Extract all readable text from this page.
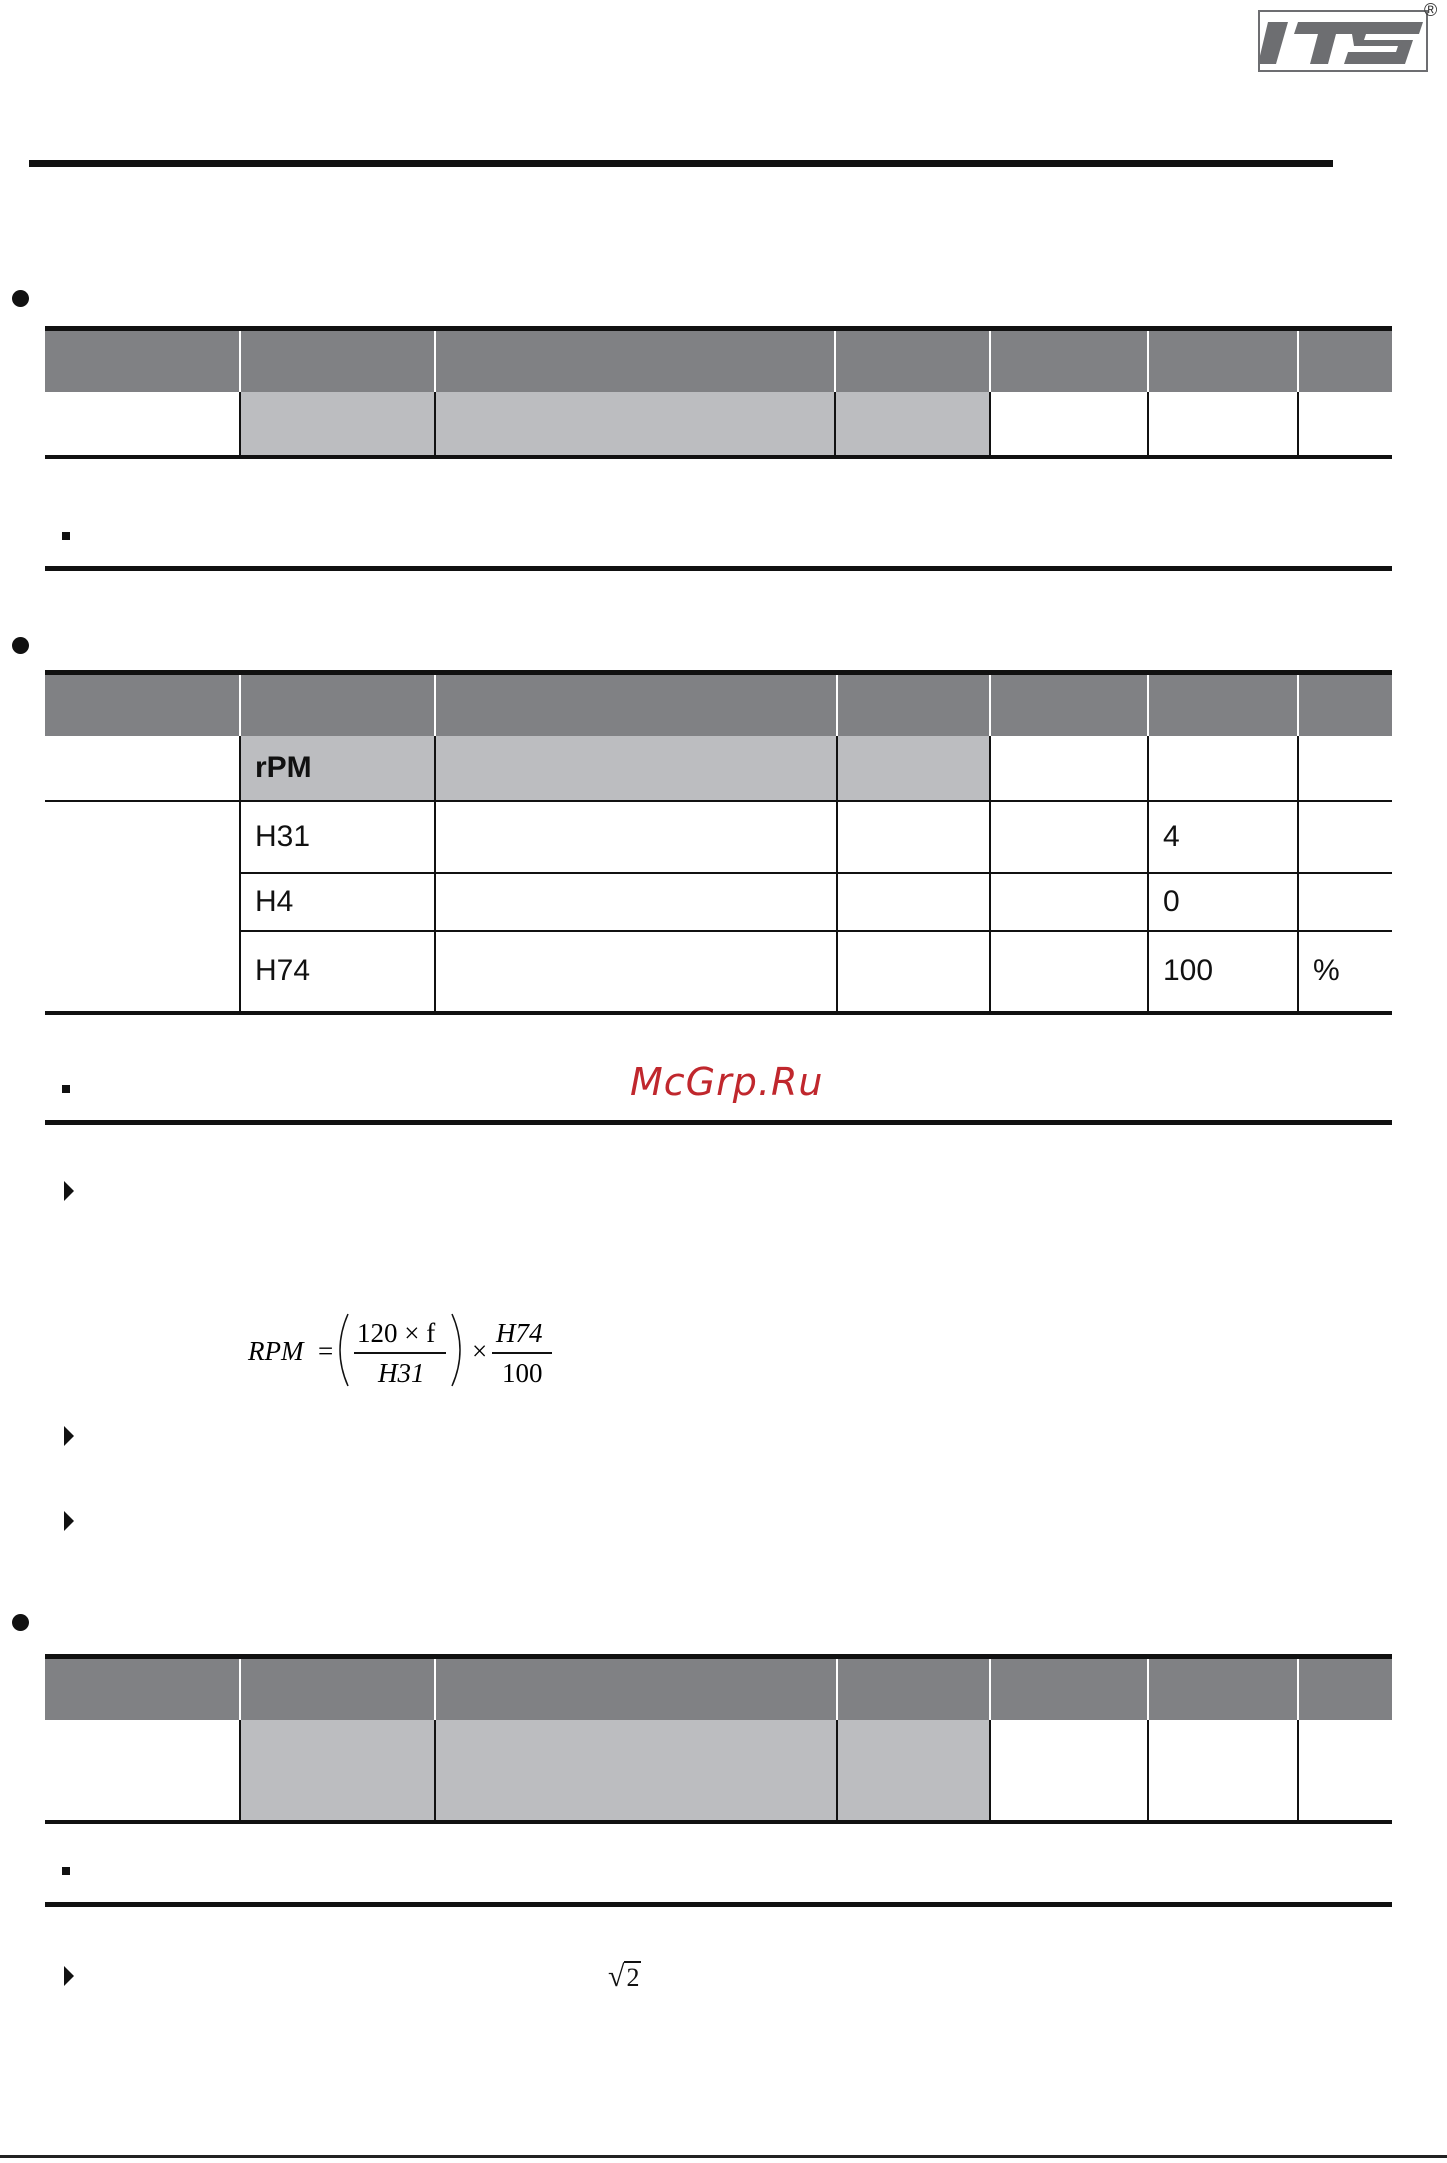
®

	rPM					
	H31				4	
	H4				0	
	H74				100	%
McGrp.Ru
RPM =
120 × f
H31
×
H74
100

√2
